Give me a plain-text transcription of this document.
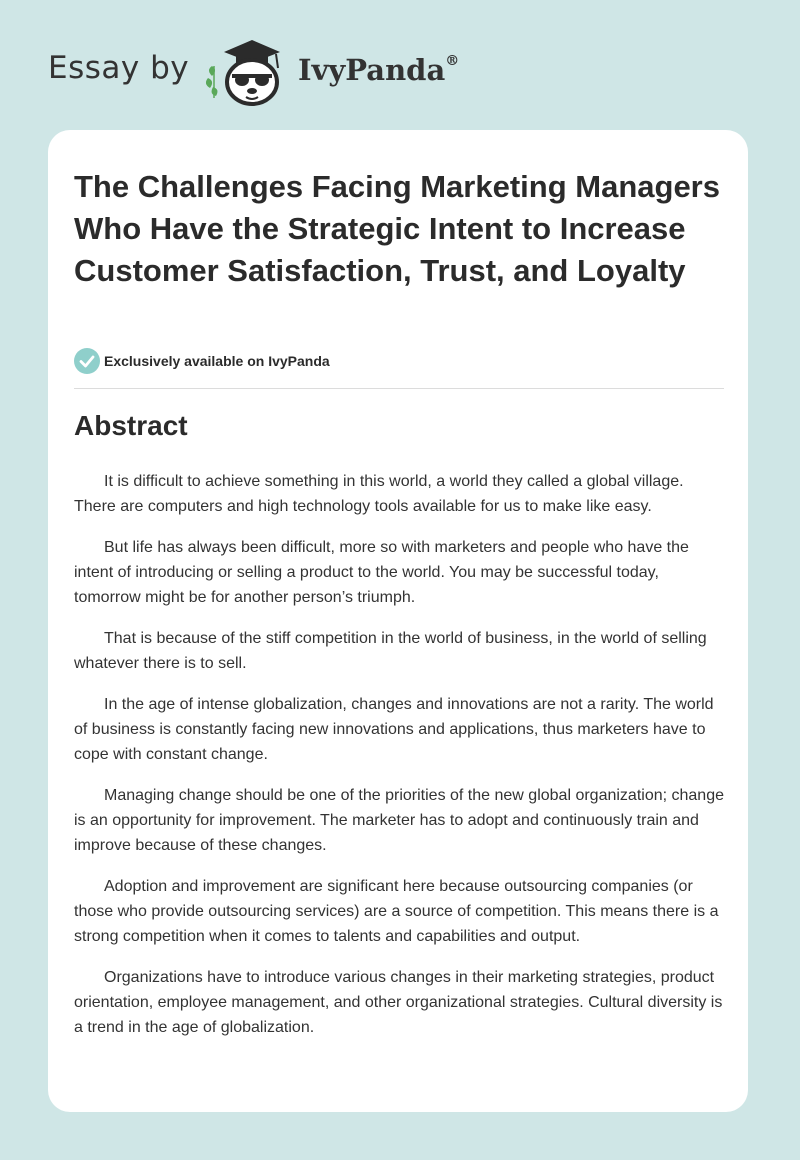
Essay by	IvyPanda®
The Challenges Facing Marketing Managers Who Have the Strategic Intent to Increase Customer Satisfaction, Trust, and Loyalty
Exclusively available on IvyPanda
Abstract

It is difficult to achieve something in this world, a world they called a global village. There are computers and high technology tools available for us to make like easy.

But life has always been difficult, more so with marketers and people who have the intent of introducing or selling a product to the world. You may be successful today, tomorrow might be for another person’s triumph.

That is because of the stiff competition in the world of business, in the world of selling whatever there is to sell.

In the age of intense globalization, changes and innovations are not a rarity. The world of business is constantly facing new innovations and applications, thus marketers have to cope with constant change.

Managing change should be one of the priorities of the new global organization; change is an opportunity for improvement. The marketer has to adopt and continuously train and improve because of these changes.

Adoption and improvement are significant here because outsourcing companies (or those who provide outsourcing services) are a source of competition. This means there is a strong competition when it comes to talents and capabilities and output.

Organizations have to introduce various changes in their marketing strategies, product orientation, employee management, and other organizational strategies. Cultural diversity is a trend in the age of globalization.
